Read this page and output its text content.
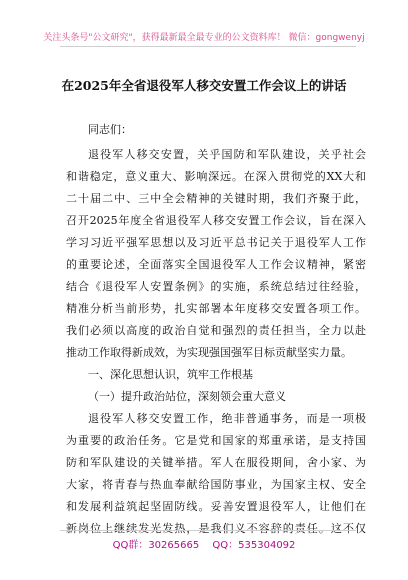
关注头条号"公文研究"，获得最新最全最专业的公文资料库！ 微信：gongwenyj
在2025年全省退役军人移交安置工作会议上的讲话
同志们：
退役军人移交安置，关乎国防和军队建设，关乎社会
和谐稳定，意义重大、影响深远。在深入贯彻党的XX大和
二十届二中、三中全会精神的关键时期，我们齐聚于此，
召开2025年度全省退役军人移交安置工作会议，旨在深入
学习习近平强军思想以及习近平总书记关于退役军人工作
的重要论述，全面落实全国退役军人工作会议精神，紧密
结合《退役军人安置条例》的实施，系统总结过往经验，
精准分析当前形势，扎实部署本年度移交安置各项工作。
我们必须以高度的政治自觉和强烈的责任担当，全力以赴
推动工作取得新成效，为实现强国强军目标贡献坚实力量。
一、深化思想认识，筑牢工作根基
（一）提升政治站位，深刻领会重大意义
退役军人移交安置工作，绝非普通事务，而是一项极
为重要的政治任务。它是党和国家的郑重承诺，是支持国
防和军队建设的关键举措。军人在服役期间，舍小家、为
大家，将青春与热血奉献给国防事业，为国家主权、安全
和发展利益筑起坚固防线。妥善安置退役军人，让他们在
新岗位上继续发光发热，是我们义不容辞的责任。这不仅
QQ群：30265665 QQ：535304092
